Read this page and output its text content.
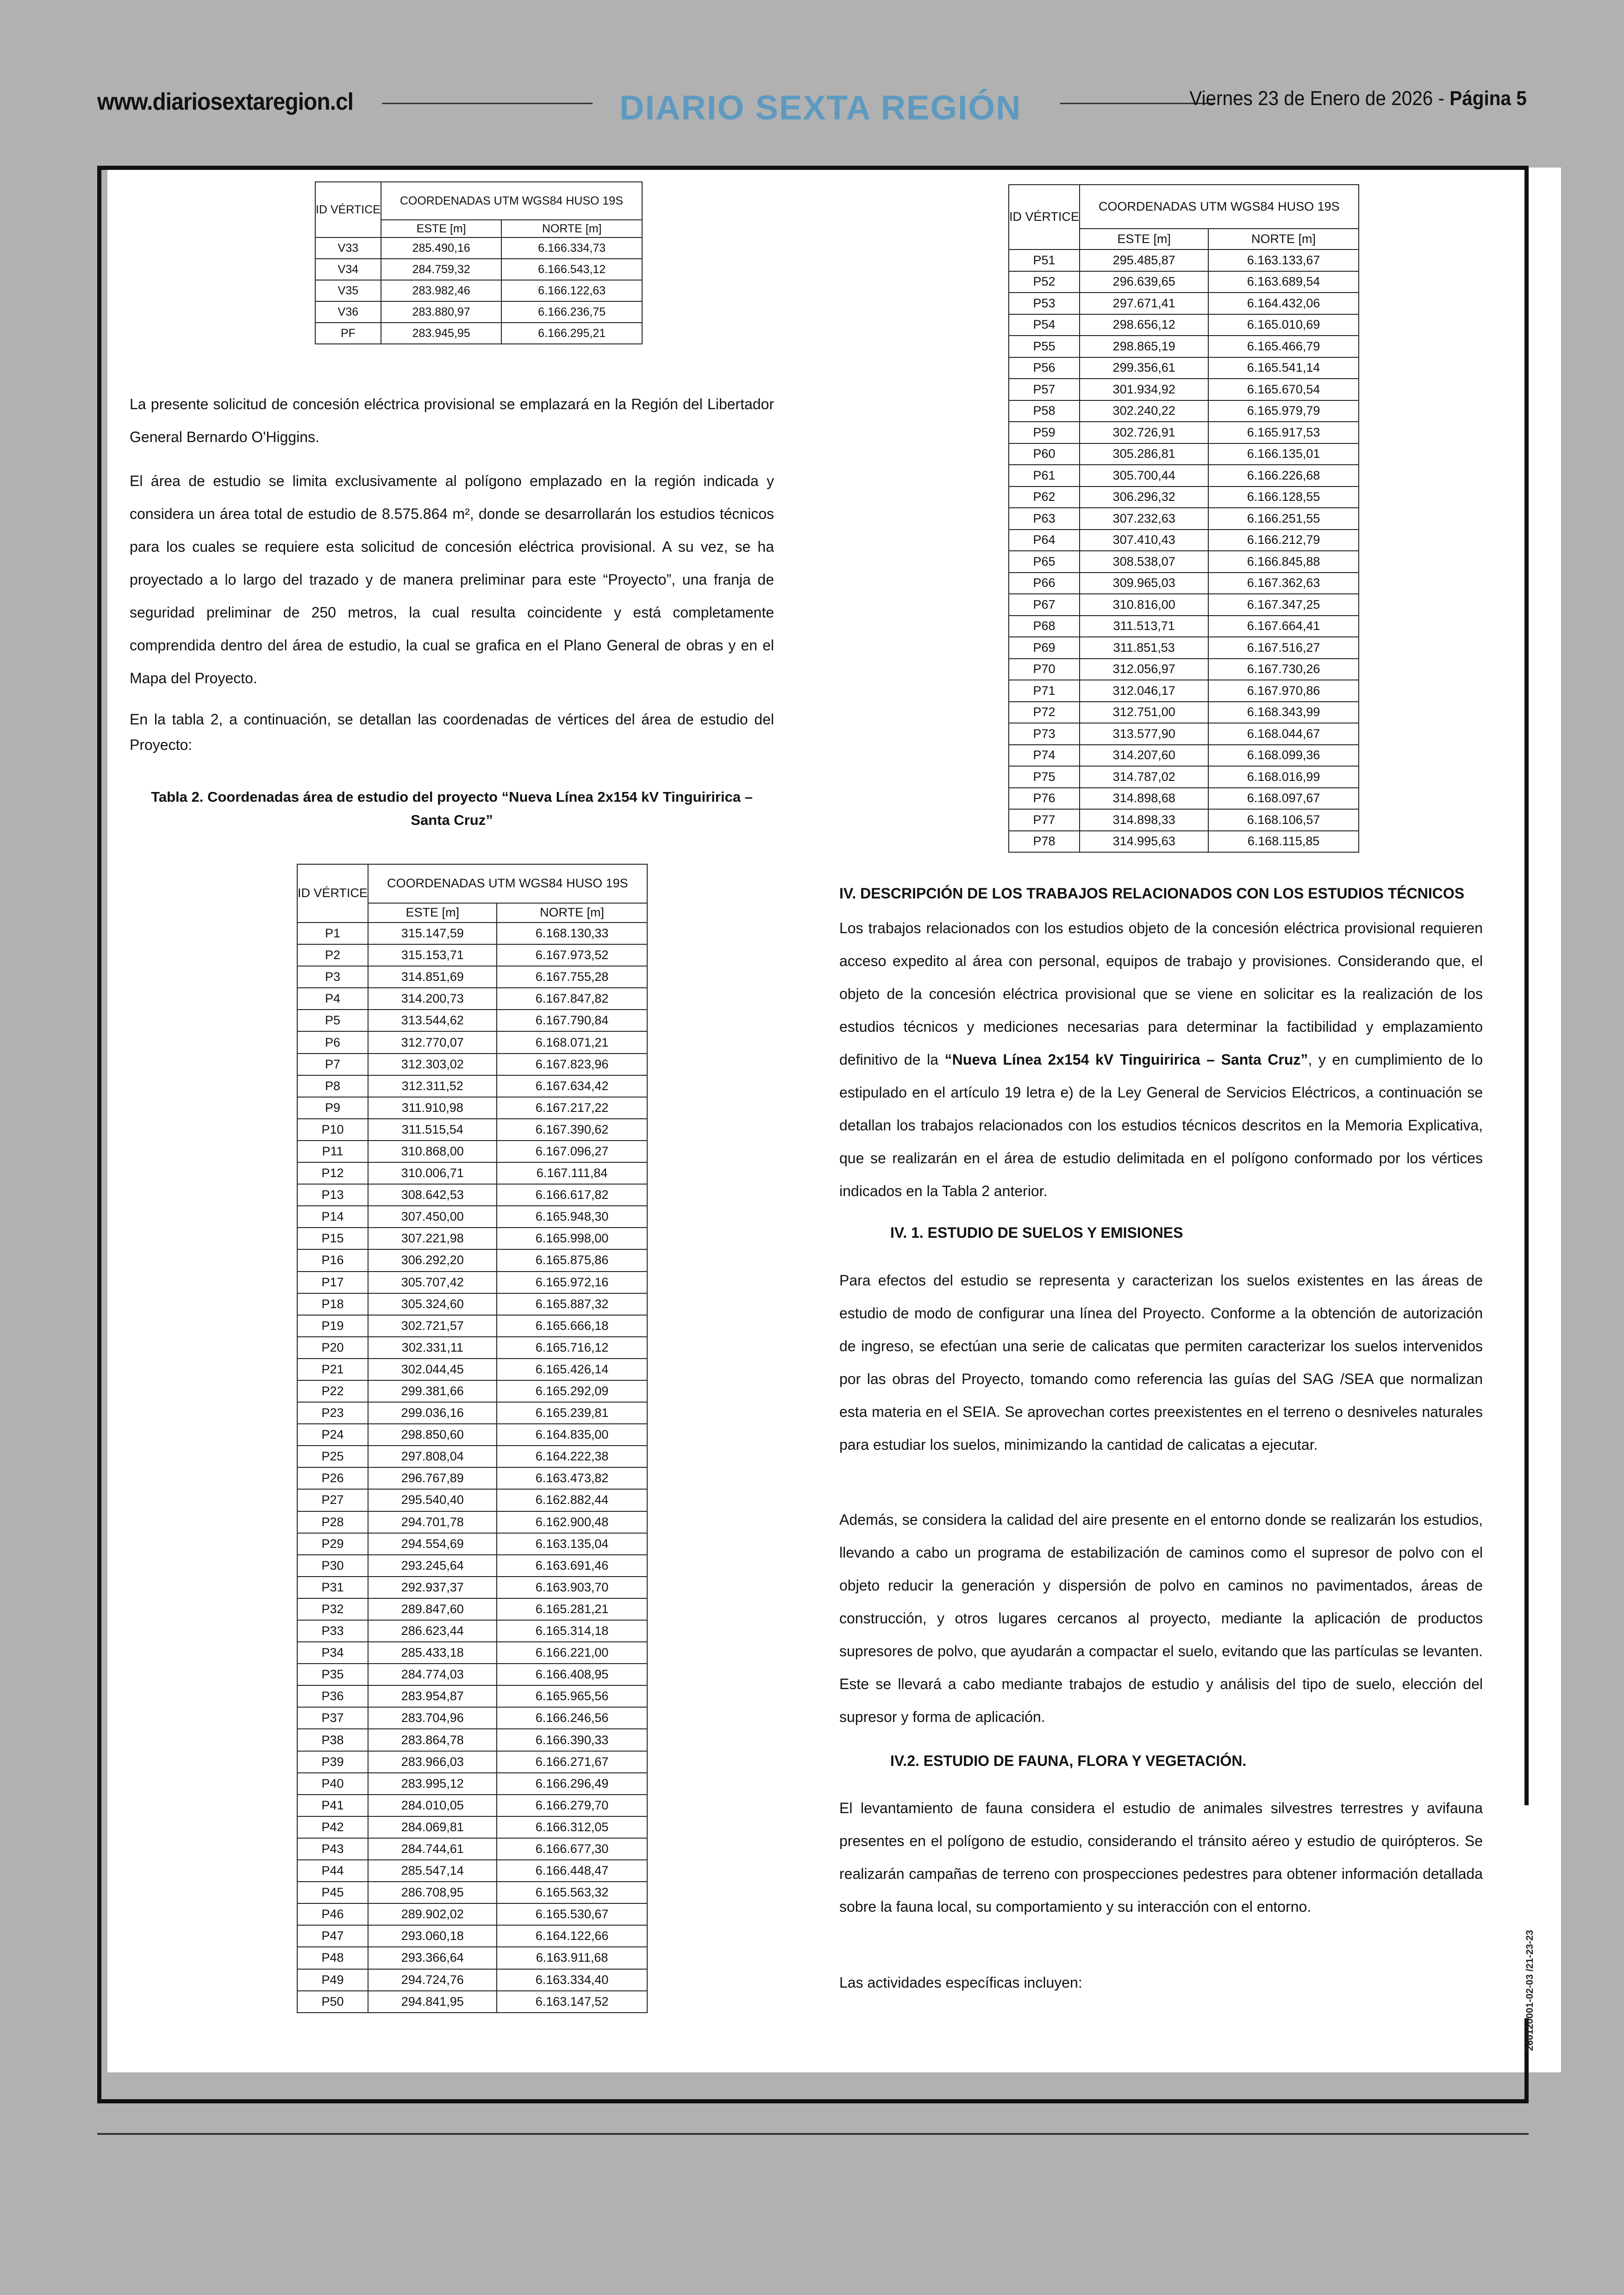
www.diariosextaregion.cl	DIARIO SEXTA REGIÓN	Viernes 23 de Enero de 2026 - Página 5
260120001-02-03 /21-23-23
ID VÉRTICE	COORDENADAS UTM WGS84 HUSO 19S	
	ESTE [m]	NORTE [m]
V33	285.490,16	6.166.334,73
V34	284.759,32	6.166.543,12
V35	283.982,46	6.166.122,63
V36	283.880,97	6.166.236,75
PF	283.945,95	6.166.295,21

La presente solicitud de concesión eléctrica provisional se emplazará en la Región del Libertador General Bernardo O'Higgins.

El área de estudio se limita exclusivamente al polígono emplazado en la región indicada y considera un área total de estudio de 8.575.864 m², donde se desarrollarán los estudios técnicos para los cuales se requiere esta solicitud de concesión eléctrica provisional. A su vez, se ha proyectado a lo largo del trazado y de manera preliminar para este “Proyecto”, una franja de seguridad preliminar de 250 metros, la cual resulta coincidente y está completamente comprendida dentro del área de estudio, la cual se grafica en el Plano General de obras y en el Mapa del Proyecto.

En la tabla 2, a continuación, se detallan las coordenadas de vértices del área de estudio del Proyecto:

Tabla 2. Coordenadas área de estudio del proyecto “Nueva Línea 2x154 kV Tinguiririca – Santa Cruz”

ID VÉRTICE	COORDENADAS UTM WGS84 HUSO 19S	
	ESTE [m]	NORTE [m]
P1	315.147,59	6.168.130,33
P2	315.153,71	6.167.973,52
P3	314.851,69	6.167.755,28
P4	314.200,73	6.167.847,82
P5	313.544,62	6.167.790,84
P6	312.770,07	6.168.071,21
P7	312.303,02	6.167.823,96
P8	312.311,52	6.167.634,42
P9	311.910,98	6.167.217,22
P10	311.515,54	6.167.390,62
P11	310.868,00	6.167.096,27
P12	310.006,71	6.167.111,84
P13	308.642,53	6.166.617,82
P14	307.450,00	6.165.948,30
P15	307.221,98	6.165.998,00
P16	306.292,20	6.165.875,86
P17	305.707,42	6.165.972,16
P18	305.324,60	6.165.887,32
P19	302.721,57	6.165.666,18
P20	302.331,11	6.165.716,12
P21	302.044,45	6.165.426,14
P22	299.381,66	6.165.292,09
P23	299.036,16	6.165.239,81
P24	298.850,60	6.164.835,00
P25	297.808,04	6.164.222,38
P26	296.767,89	6.163.473,82
P27	295.540,40	6.162.882,44
P28	294.701,78	6.162.900,48
P29	294.554,69	6.163.135,04
P30	293.245,64	6.163.691,46
P31	292.937,37	6.163.903,70
P32	289.847,60	6.165.281,21
P33	286.623,44	6.165.314,18
P34	285.433,18	6.166.221,00
P35	284.774,03	6.166.408,95
P36	283.954,87	6.165.965,56
P37	283.704,96	6.166.246,56
P38	283.864,78	6.166.390,33
P39	283.966,03	6.166.271,67
P40	283.995,12	6.166.296,49
P41	284.010,05	6.166.279,70
P42	284.069,81	6.166.312,05
P43	284.744,61	6.166.677,30
P44	285.547,14	6.166.448,47
P45	286.708,95	6.165.563,32
P46	289.902,02	6.165.530,67
P47	293.060,18	6.164.122,66
P48	293.366,64	6.163.911,68
P49	294.724,76	6.163.334,40
P50	294.841,95	6.163.147,52
ID VÉRTICE	COORDENADAS UTM WGS84 HUSO 19S	
	ESTE [m]	NORTE [m]
P51	295.485,87	6.163.133,67
P52	296.639,65	6.163.689,54
P53	297.671,41	6.164.432,06
P54	298.656,12	6.165.010,69
P55	298.865,19	6.165.466,79
P56	299.356,61	6.165.541,14
P57	301.934,92	6.165.670,54
P58	302.240,22	6.165.979,79
P59	302.726,91	6.165.917,53
P60	305.286,81	6.166.135,01
P61	305.700,44	6.166.226,68
P62	306.296,32	6.166.128,55
P63	307.232,63	6.166.251,55
P64	307.410,43	6.166.212,79
P65	308.538,07	6.166.845,88
P66	309.965,03	6.167.362,63
P67	310.816,00	6.167.347,25
P68	311.513,71	6.167.664,41
P69	311.851,53	6.167.516,27
P70	312.056,97	6.167.730,26
P71	312.046,17	6.167.970,86
P72	312.751,00	6.168.343,99
P73	313.577,90	6.168.044,67
P74	314.207,60	6.168.099,36
P75	314.787,02	6.168.016,99
P76	314.898,68	6.168.097,67
P77	314.898,33	6.168.106,57
P78	314.995,63	6.168.115,85
IV. DESCRIPCIÓN DE LOS TRABAJOS RELACIONADOS CON LOS ESTUDIOS TÉCNICOS

Los trabajos relacionados con los estudios objeto de la concesión eléctrica provisional requieren acceso expedito al área con personal, equipos de trabajo y provisiones. Considerando que, el objeto de la concesión eléctrica provisional que se viene en solicitar es la realización de los estudios técnicos y mediciones necesarias para determinar la factibilidad y emplazamiento definitivo de la “Nueva Línea 2x154 kV Tinguiririca – Santa Cruz”, y en cumplimiento de lo estipulado en el artículo 19 letra e) de la Ley General de Servicios Eléctricos, a continuación se detallan los trabajos relacionados con los estudios técnicos descritos en la Memoria Explicativa, que se realizarán en el área de estudio delimitada en el polígono conformado por los vértices indicados en la Tabla 2 anterior.

IV. 1. ESTUDIO DE SUELOS Y EMISIONES

Para efectos del estudio se representa y caracterizan los suelos existentes en las áreas de estudio de modo de configurar una línea del Proyecto. Conforme a la obtención de autorización de ingreso, se efectúan una serie de calicatas que permiten caracterizar los suelos intervenidos por las obras del Proyecto, tomando como referencia las guías del SAG /SEA que normalizan esta materia en el SEIA. Se aprovechan cortes preexistentes en el terreno o desniveles naturales para estudiar los suelos, minimizando la cantidad de calicatas a ejecutar.

Además, se considera la calidad del aire presente en el entorno donde se realizarán los estudios, llevando a cabo un programa de estabilización de caminos como el supresor de polvo con el objeto reducir la generación y dispersión de polvo en caminos no pavimentados, áreas de construcción, y otros lugares cercanos al proyecto, mediante la aplicación de productos supresores de polvo, que ayudarán a compactar el suelo, evitando que las partículas se levanten. Este se llevará a cabo mediante trabajos de estudio y análisis del tipo de suelo, elección del supresor y forma de aplicación.

IV.2. ESTUDIO DE FAUNA, FLORA Y VEGETACIÓN.

El levantamiento de fauna considera el estudio de animales silvestres terrestres y avifauna presentes en el polígono de estudio, considerando el tránsito aéreo y estudio de quirópteros. Se realizarán campañas de terreno con prospecciones pedestres para obtener información detallada sobre la fauna local, su comportamiento y su interacción con el entorno.

Las actividades específicas incluyen:
